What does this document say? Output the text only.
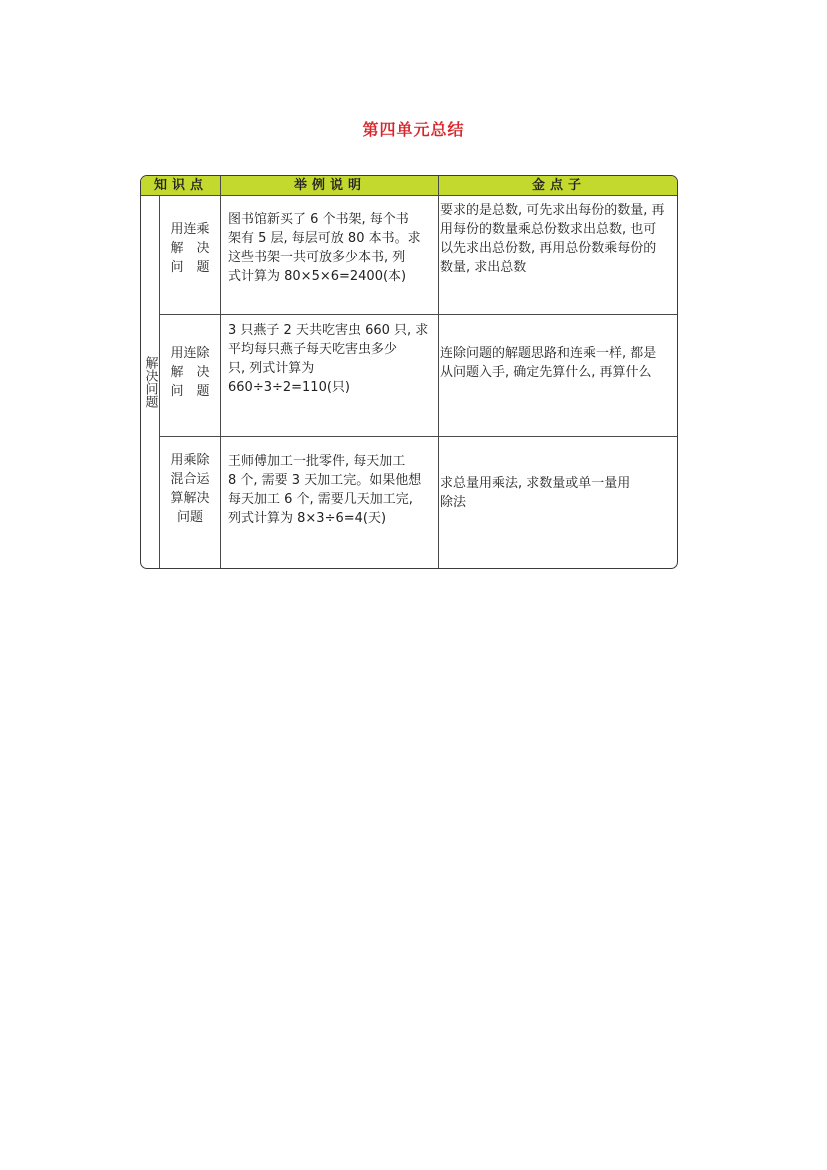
第四单元总结
知识点	举例说明	金点子
解决问题
用连乘
解　决
问　题
图书馆新买了 6 个书架, 每个书
架有 5 层, 每层可放 80 本书。求
这些书架一共可放多少本书, 列
式计算为 80×5×6=2400(本)
要求的是总数, 可先求出每份的数量, 再
用每份的数量乘总份数求出总数, 也可
以先求出总份数, 再用总份数乘每份的
数量, 求出总数
用连除
解　决
问　题
3 只燕子 2 天共吃害虫 660 只, 求
平均每只燕子每天吃害虫多少
只, 列式计算为
660÷3÷2=110(只)
连除问题的解题思路和连乘一样, 都是
从问题入手, 确定先算什么, 再算什么
用乘除
混合运
算解决
问题
王师傅加工一批零件, 每天加工
8 个, 需要 3 天加工完。如果他想
每天加工 6 个, 需要几天加工完,
列式计算为 8×3÷6=4(天)
求总量用乘法, 求数量或单一量用
除法
